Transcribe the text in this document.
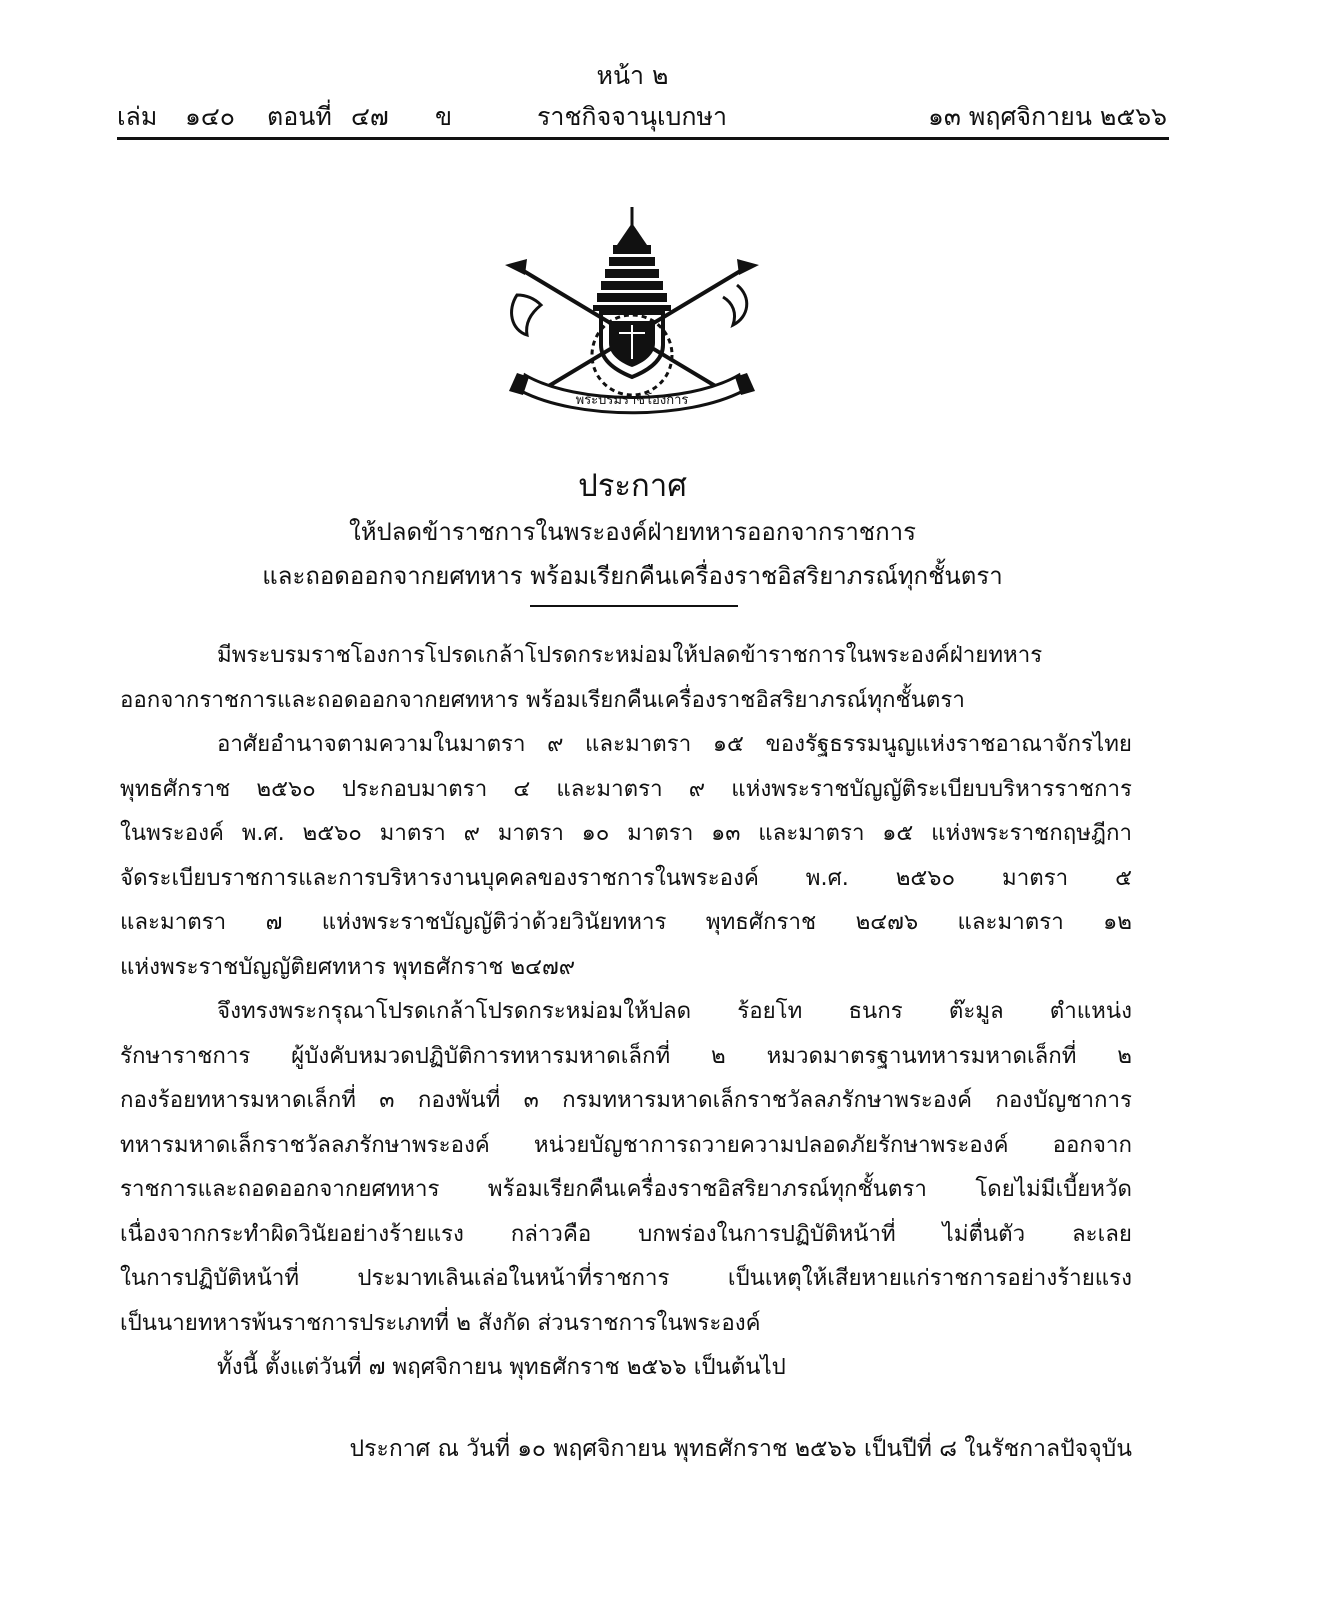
หน้า ๒
เล่ม ๑๔๐ ตอนที่ ๔๗ ข	ราชกิจจานุเบกษา	๑๓ พฤศจิกายน ๒๕๖๖
พระบรมราชโองการ
ประกาศ
ให้ปลดข้าราชการในพระองค์ฝ่ายทหารออกจากราชการ
และถอดออกจากยศทหาร พร้อมเรียกคืนเครื่องราชอิสริยาภรณ์ทุกชั้นตรา

มีพระบรมราชโองการโปรดเกล้าโปรดกระหม่อมให้ปลดข้าราชการในพระองค์ฝ่ายทหาร

ออกจากราชการและถอดออกจากยศทหาร พร้อมเรียกคืนเครื่องราชอิสริยาภรณ์ทุกชั้นตรา

อาศัยอำนาจตามความในมาตรา ๙ และมาตรา ๑๕ ของรัฐธรรมนูญแห่งราชอาณาจักรไทย

พุทธศักราช ๒๕๖๐ ประกอบมาตรา ๔ และมาตรา ๙ แห่งพระราชบัญญัติระเบียบบริหารราชการ

ในพระองค์ พ.ศ. ๒๕๖๐ มาตรา ๙ มาตรา ๑๐ มาตรา ๑๓ และมาตรา ๑๕ แห่งพระราชกฤษฎีกา

จัดระเบียบราชการและการบริหารงานบุคคลของราชการในพระองค์ พ.ศ. ๒๕๖๐ มาตรา ๕

และมาตรา ๗ แห่งพระราชบัญญัติว่าด้วยวินัยทหาร พุทธศักราช ๒๔๗๖ และมาตรา ๑๒

แห่งพระราชบัญญัติยศทหาร พุทธศักราช ๒๔๗๙

จึงทรงพระกรุณาโปรดเกล้าโปรดกระหม่อมให้ปลด ร้อยโท ธนกร ต๊ะมูล ตำแหน่ง

รักษาราชการ ผู้บังคับหมวดปฏิบัติการทหารมหาดเล็กที่ ๒ หมวดมาตรฐานทหารมหาดเล็กที่ ๒

กองร้อยทหารมหาดเล็กที่ ๓ กองพันที่ ๓ กรมทหารมหาดเล็กราชวัลลภรักษาพระองค์ กองบัญชาการ

ทหารมหาดเล็กราชวัลลภรักษาพระองค์ หน่วยบัญชาการถวายความปลอดภัยรักษาพระองค์ ออกจาก

ราชการและถอดออกจากยศทหาร พร้อมเรียกคืนเครื่องราชอิสริยาภรณ์ทุกชั้นตรา โดยไม่มีเบี้ยหวัด

เนื่องจากกระทำผิดวินัยอย่างร้ายแรง กล่าวคือ บกพร่องในการปฏิบัติหน้าที่ ไม่ตื่นตัว ละเลย

ในการปฏิบัติหน้าที่ ประมาทเลินเล่อในหน้าที่ราชการ เป็นเหตุให้เสียหายแก่ราชการอย่างร้ายแรง

เป็นนายทหารพ้นราชการประเภทที่ ๒ สังกัด ส่วนราชการในพระองค์

ทั้งนี้ ตั้งแต่วันที่ ๗ พฤศจิกายน พุทธศักราช ๒๕๖๖ เป็นต้นไป

ประกาศ ณ วันที่ ๑๐ พฤศจิกายน พุทธศักราช ๒๕๖๖ เป็นปีที่ ๘ ในรัชกาลปัจจุบัน
